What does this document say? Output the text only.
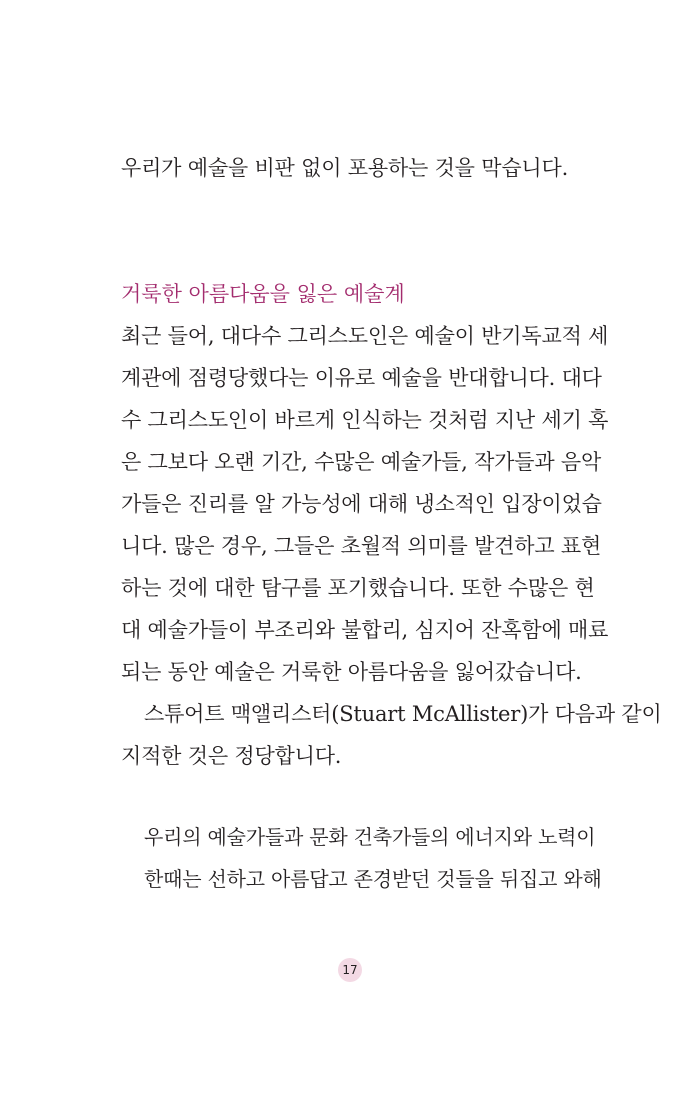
우리가 예술을 비판 없이 포용하는 것을 막습니다.
거룩한 아름다움을 잃은 예술계
최근 들어, 대다수 그리스도인은 예술이 반기독교적 세
계관에 점령당했다는 이유로 예술을 반대합니다. 대다
수 그리스도인이 바르게 인식하는 것처럼 지난 세기 혹
은 그보다 오랜 기간, 수많은 예술가들, 작가들과 음악
가들은 진리를 알 가능성에 대해 냉소적인 입장이었습
니다. 많은 경우, 그들은 초월적 의미를 발견하고 표현
하는 것에 대한 탐구를 포기했습니다. 또한 수많은 현
대 예술가들이 부조리와 불합리, 심지어 잔혹함에 매료
되는 동안 예술은 거룩한 아름다움을 잃어갔습니다.
스튜어트 맥앨리스터(Stuart McAllister)가 다음과 같이
지적한 것은 정당합니다.
우리의 예술가들과 문화 건축가들의 에너지와 노력이
한때는 선하고 아름답고 존경받던 것들을 뒤집고 와해
17
